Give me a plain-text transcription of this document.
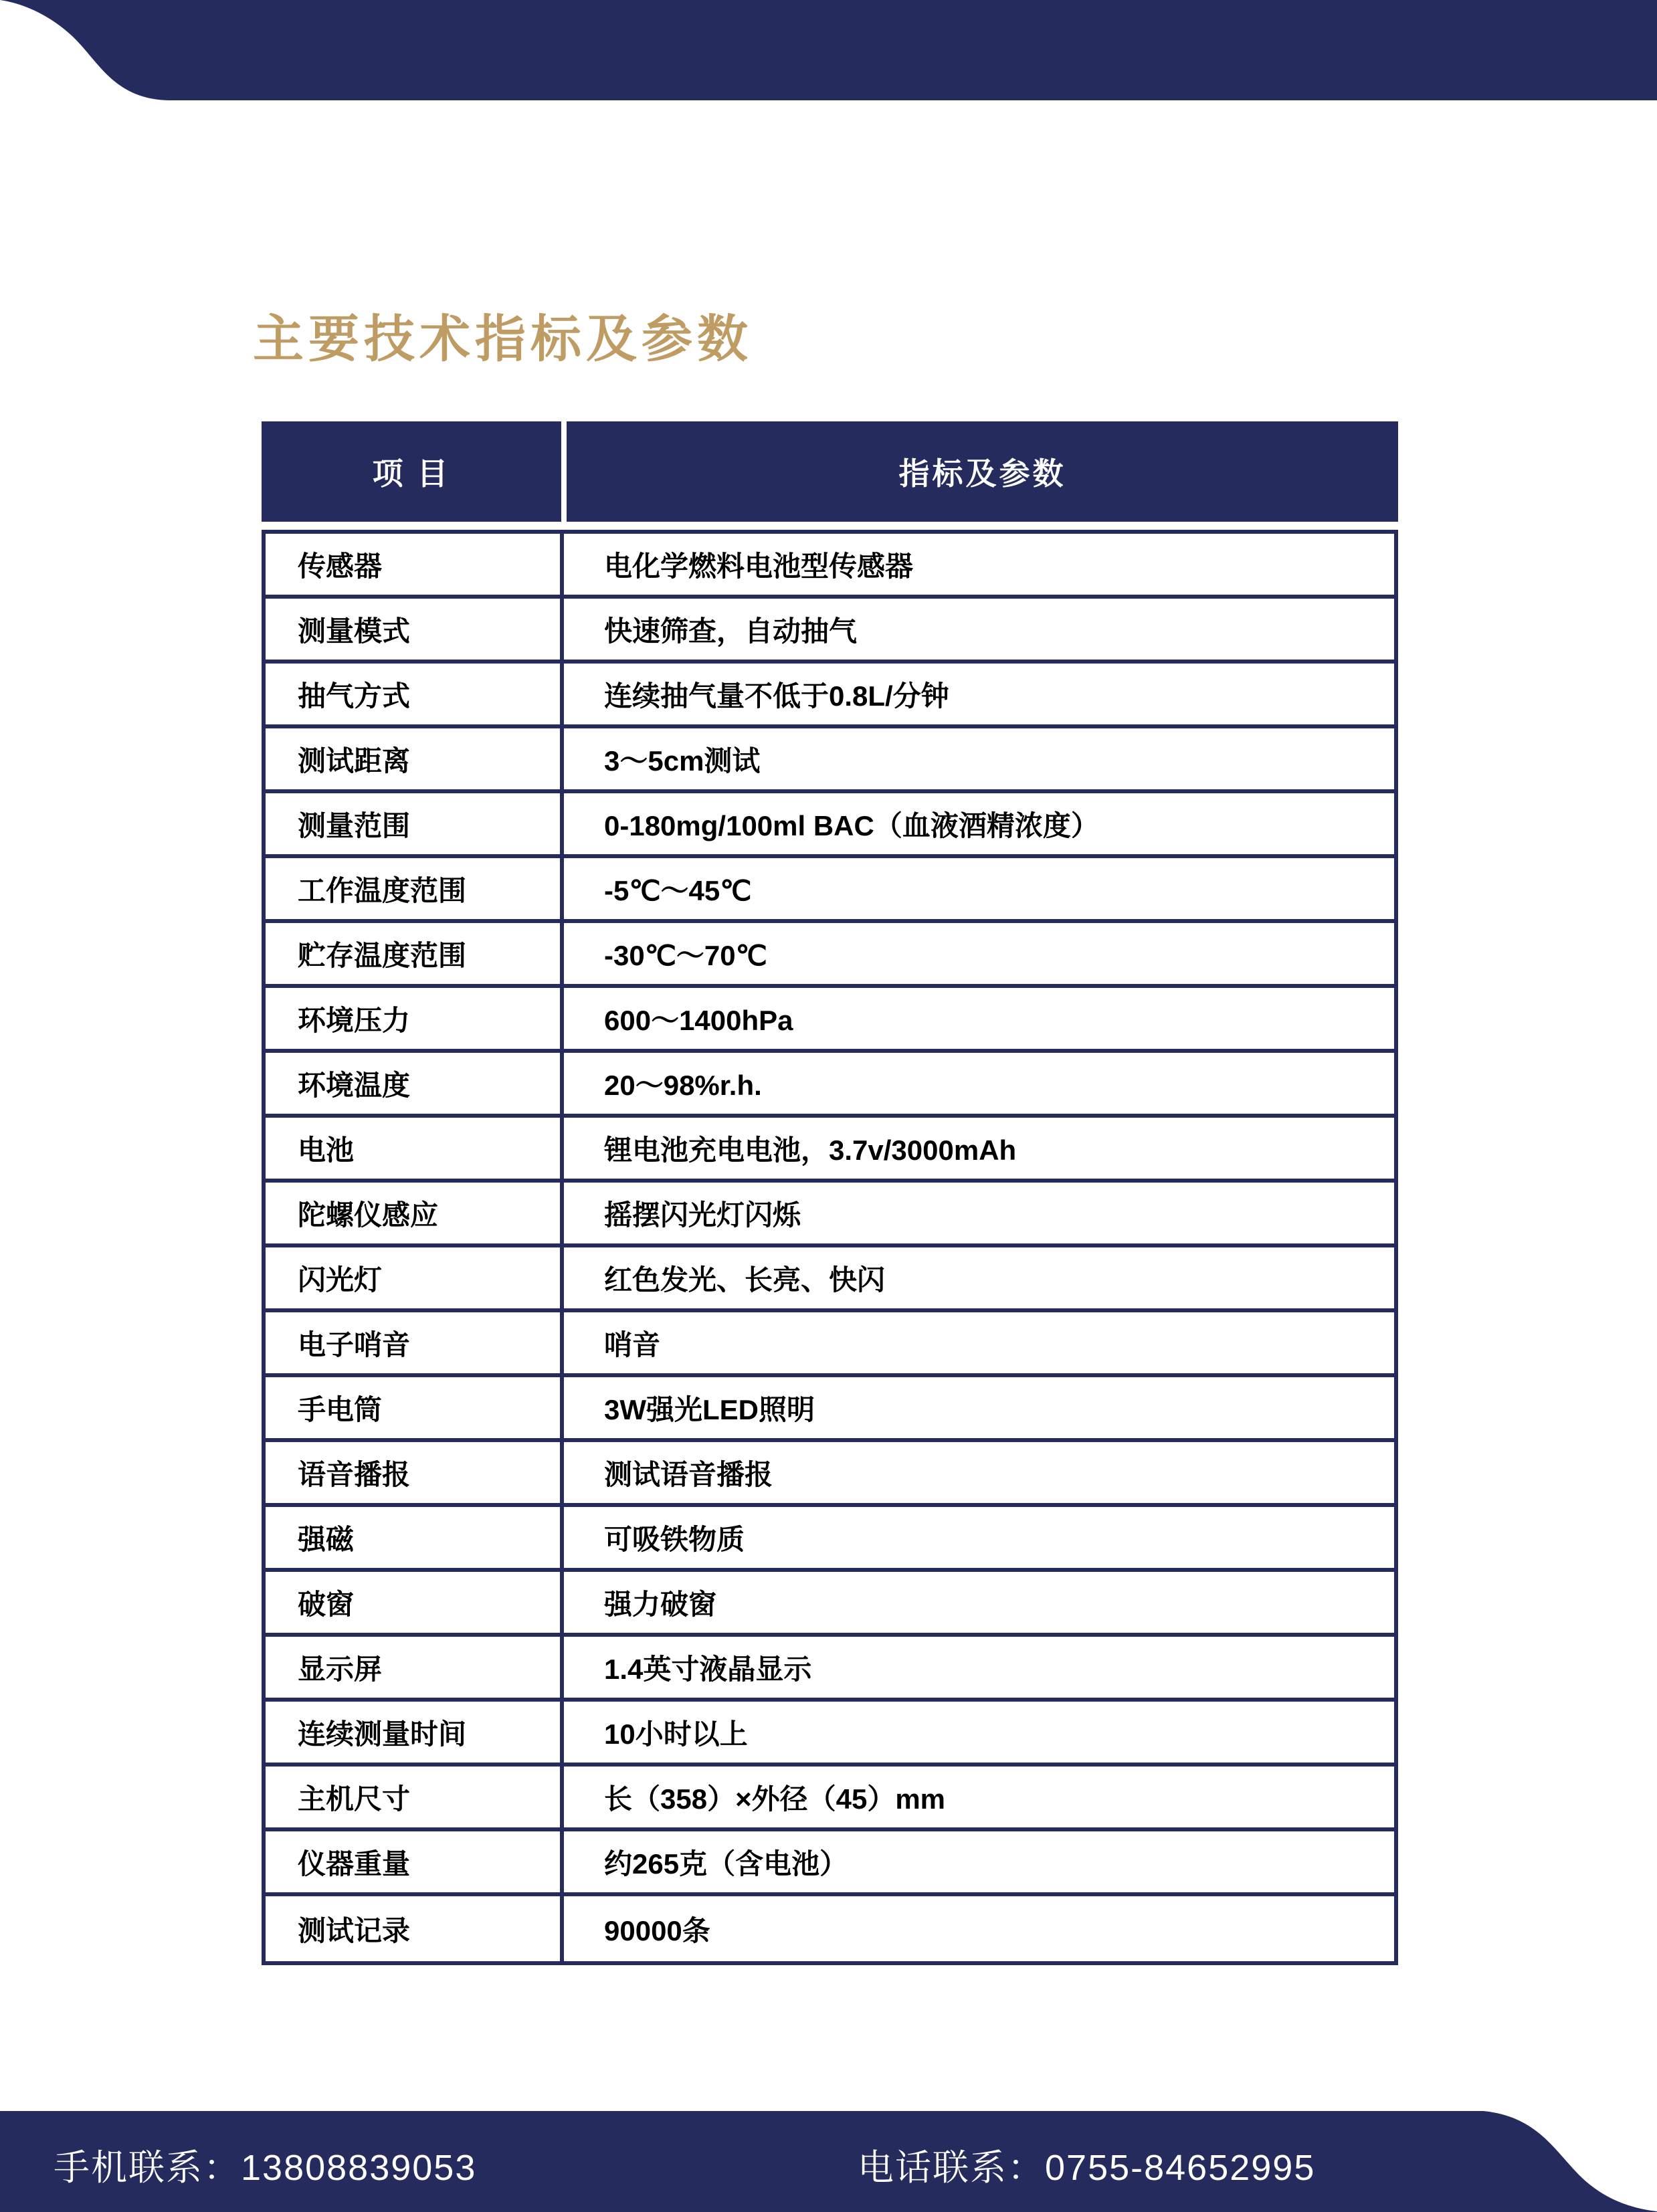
主要技术指标及参数
项 目	指标及参数
传感器	电化学燃料电池型传感器
测量模式	快速筛查，自动抽气
抽气方式	连续抽气量不低于0.8L/分钟
测试距离	3～5cm测试
测量范围	0-180mg/100ml BAC（血液酒精浓度）
工作温度范围	-5℃～45℃
贮存温度范围	-30℃～70℃
环境压力	600～1400hPa
环境温度	20～98%r.h.
电池	锂电池充电电池，3.7v/3000mAh
陀螺仪感应	摇摆闪光灯闪烁
闪光灯	红色发光、长亮、快闪
电子哨音	哨音
手电筒	3W强光LED照明
语音播报	测试语音播报
强磁	可吸铁物质
破窗	强力破窗
显示屏	1.4英寸液晶显示
连续测量时间	10小时以上
主机尺寸	长（358）×外径（45）mm
仪器重量	约265克（含电池）
测试记录	90000条
手机联系：13808839053	电话联系：0755-84652995
